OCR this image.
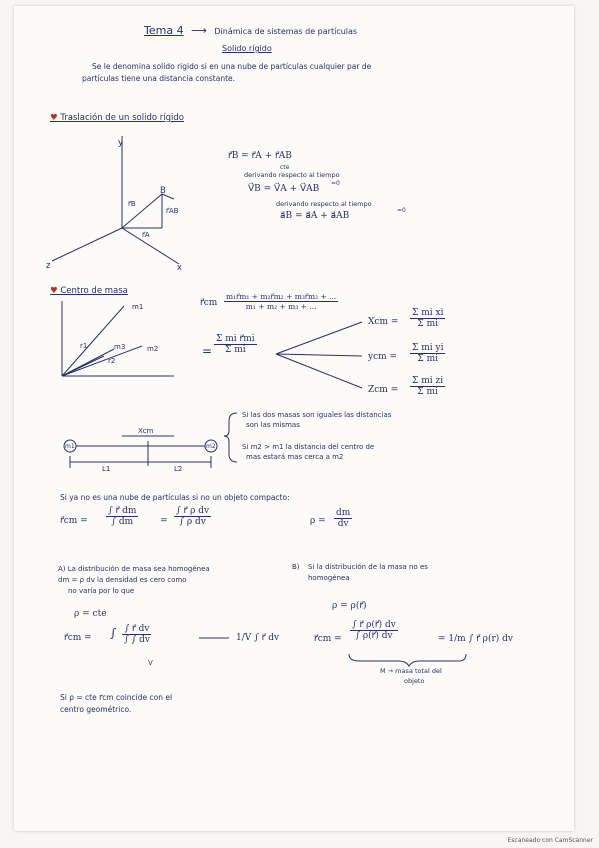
Tema 4 ⟶ Dinámica de sistemas de partículas
Solido rígido
Se le denomina solido rigido si en una nube de partículas cualquier par de
partículas tiene una distancia constante.
♥ Traslación de un solido rígido
y
z	x
B
r⃗B
r⃗AB
r⃗A
r⃗B = r⃗A + r⃗AB
cte
derivando respecto al tiempo
V⃗B = V⃗A + V⃗AB
=0
derivando respecto al tiempo
a⃗B = a⃗A + a⃗AB
=0
♥ Centro de masa
m1
m2
m3
r1
r2
r⃗cm $\frac{\text{m₁r⃗m₁ + m₂r⃗m₂ + m₃r⃗m₃ + ...}}{\text{m₁ + m₂ + m₃ + ...}}$
= $\frac{\text{Σ mi r⃗mi}}{\text{Σ mi}}$
Xcm = $\frac{\text{Σ mi xi}}{\text{Σ mi}}$
ycm = $\frac{\text{Σ mi yi}}{\text{Σ mi}}$
Zcm = $\frac{\text{Σ mi zi}}{\text{Σ mi}}$
m1	m2
Xcm
L1	L2
Si las dos masas son iguales las distancias
son las mismas
Si m2 > m1 la distancia del centro de
mas estará mas cerca a m2
Si ya no es una nube de partículas si no un objeto compacto:
r⃗cm = $\frac{\int r⃗ dm}{\int dm} = \frac{\text{∫ r⃗ ρ dv}}{\text{∫ ρ dv}}$	$\rho = \frac{dm}{dv}$
A) La distribución de masa sea homogénea
dm = ρ dv la densidad es cero como
no varía por lo que
ρ = cte
r⃗cm = ∫ $\frac{\int r⃗ dv}{\int \int dv}$
V
1/V ∫ r⃗ dv
B) Si la distribución de la masa no es
homogénea
ρ = ρ(r⃗)
r⃗cm = $\frac{\int r⃗ \rho(r⃗) dv}{\int \rho(r⃗) dv}$	= 1/m ∫ r⃗ ρ(r) dv
M → masa total del
objeto
Si ρ = cte r⃗cm coincide con el
centro geométrico.
Escaneado con CamScanner
